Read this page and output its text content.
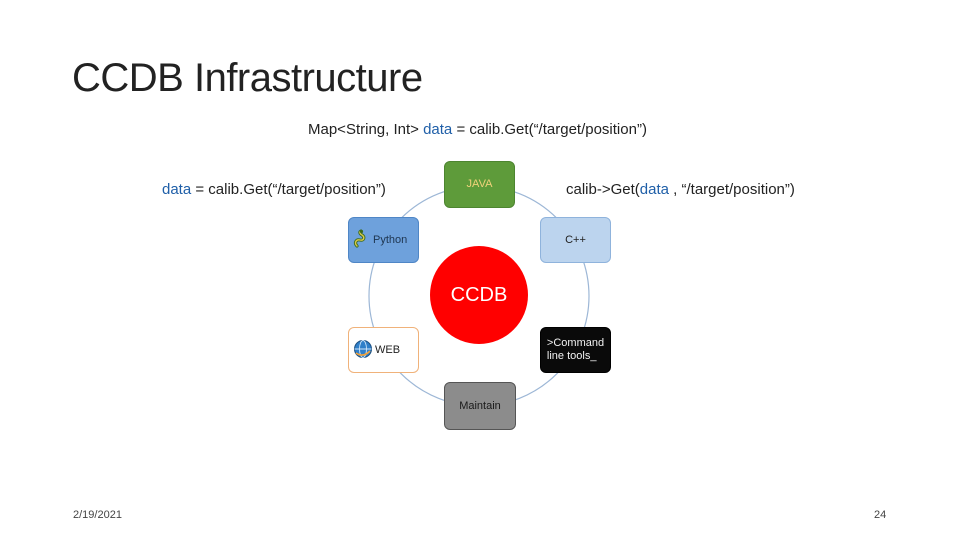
CCDB Infrastructure
Map<String, Int> data = calib.Get(“/target/position”)
data = calib.Get(“/target/position”)	calib->Get(data , “/target/position”)
JAVA
Python	C++
CCDB
WEB
>Command line tools_
Maintain
2/19/2021	24
